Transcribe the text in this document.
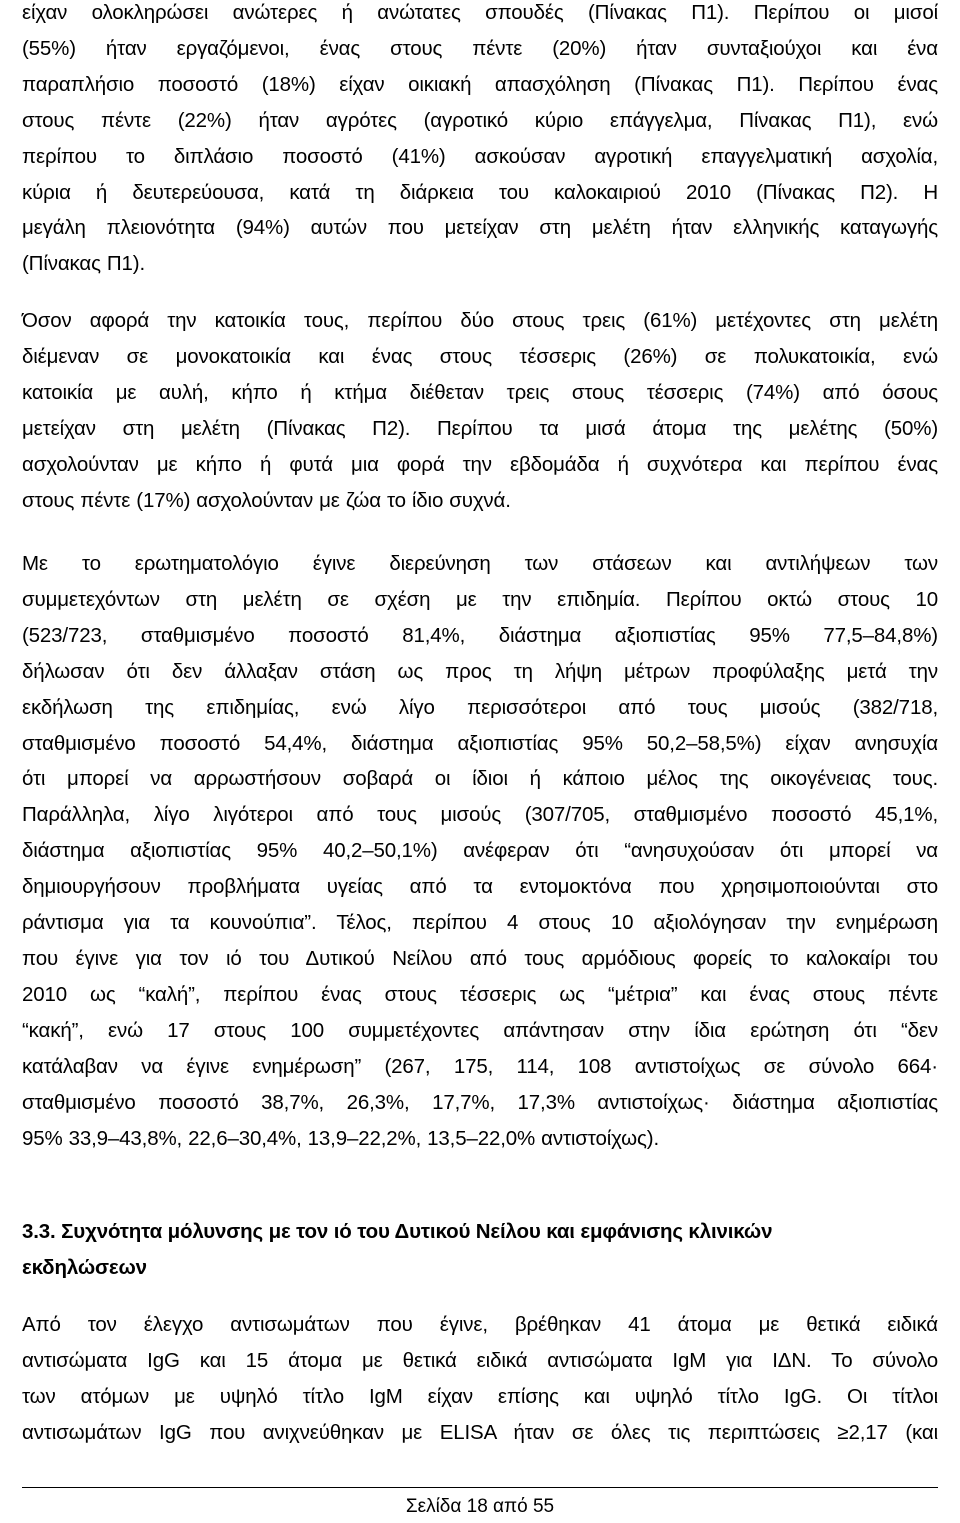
είχαν ολοκληρώσει ανώτερες ή ανώτατες σπουδές (Πίνακας Π1). Περίπου οι μισοί
(55%) ήταν εργαζόμενοι, ένας στους πέντε (20%) ήταν συνταξιούχοι και ένα
παραπλήσιο ποσοστό (18%) είχαν οικιακή απασχόληση (Πίνακας Π1). Περίπου ένας
στους πέντε (22%) ήταν αγρότες (αγροτικό κύριο επάγγελμα, Πίνακας Π1), ενώ
περίπου το διπλάσιο ποσοστό (41%) ασκούσαν αγροτική επαγγελματική ασχολία,
κύρια ή δευτερεύουσα, κατά τη διάρκεια του καλοκαιριού 2010 (Πίνακας Π2). Η
μεγάλη πλειονότητα (94%) αυτών που μετείχαν στη μελέτη ήταν ελληνικής καταγωγής
(Πίνακας Π1).
Όσον αφορά την κατοικία τους, περίπου δύο στους τρεις (61%) μετέχοντες στη μελέτη
διέμεναν σε μονοκατοικία και ένας στους τέσσερις (26%) σε πολυκατοικία, ενώ
κατοικία με αυλή, κήπο ή κτήμα διέθεταν τρεις στους τέσσερις (74%) από όσους
μετείχαν στη μελέτη (Πίνακας Π2). Περίπου τα μισά άτομα της μελέτης (50%)
ασχολούνταν με κήπο ή φυτά μια φορά την εβδομάδα ή συχνότερα και περίπου ένας
στους πέντε (17%) ασχολούνταν με ζώα το ίδιο συχνά.
Με το ερωτηματολόγιο έγινε διερεύνηση των στάσεων και αντιλήψεων των
συμμετεχόντων στη μελέτη σε σχέση με την επιδημία. Περίπου οκτώ στους 10
(523/723, σταθμισμένο ποσοστό 81,4%, διάστημα αξιοπιστίας 95% 77,5–84,8%)
δήλωσαν ότι δεν άλλαξαν στάση ως προς τη λήψη μέτρων προφύλαξης μετά την
εκδήλωση της επιδημίας, ενώ λίγο περισσότεροι από τους μισούς (382/718,
σταθμισμένο ποσοστό 54,4%, διάστημα αξιοπιστίας 95% 50,2–58,5%) είχαν ανησυχία
ότι μπορεί να αρρωστήσουν σοβαρά οι ίδιοι ή κάποιο μέλος της οικογένειας τους.
Παράλληλα, λίγο λιγότεροι από τους μισούς (307/705, σταθμισμένο ποσοστό 45,1%,
διάστημα αξιοπιστίας 95% 40,2–50,1%) ανέφεραν ότι “ανησυχούσαν ότι μπορεί να
δημιουργήσουν προβλήματα υγείας από τα εντομοκτόνα που χρησιμοποιούνται στο
ράντισμα για τα κουνούπια”. Τέλος, περίπου 4 στους 10 αξιολόγησαν την ενημέρωση
που έγινε για τον ιό του Δυτικού Νείλου από τους αρμόδιους φορείς το καλοκαίρι του
2010 ως “καλή”, περίπου ένας στους τέσσερις ως “μέτρια” και ένας στους πέντε
“κακή”, ενώ 17 στους 100 συμμετέχοντες απάντησαν στην ίδια ερώτηση ότι “δεν
κατάλαβαν να έγινε ενημέρωση” (267, 175, 114, 108 αντιστοίχως σε σύνολο 664·
σταθμισμένο ποσοστό 38,7%, 26,3%, 17,7%, 17,3% αντιστοίχως· διάστημα αξιοπιστίας
95% 33,9–43,8%, 22,6–30,4%, 13,9–22,2%, 13,5–22,0% αντιστοίχως).
3.3. Συχνότητα μόλυνσης με τον ιό του Δυτικού Νείλου και εμφάνισης κλινικών
εκδηλώσεων
Από τον έλεγχο αντισωμάτων που έγινε, βρέθηκαν 41 άτομα με θετικά ειδικά
αντισώματα IgG και 15 άτομα με θετικά ειδικά αντισώματα IgM για ΙΔΝ. Το σύνολο
των ατόμων με υψηλό τίτλο IgM είχαν επίσης και υψηλό τίτλο IgG. Οι τίτλοι
αντισωμάτων IgG που ανιχνεύθηκαν με ELISA ήταν σε όλες τις περιπτώσεις ≥2,17 (και
Σελίδα 18 από 55
